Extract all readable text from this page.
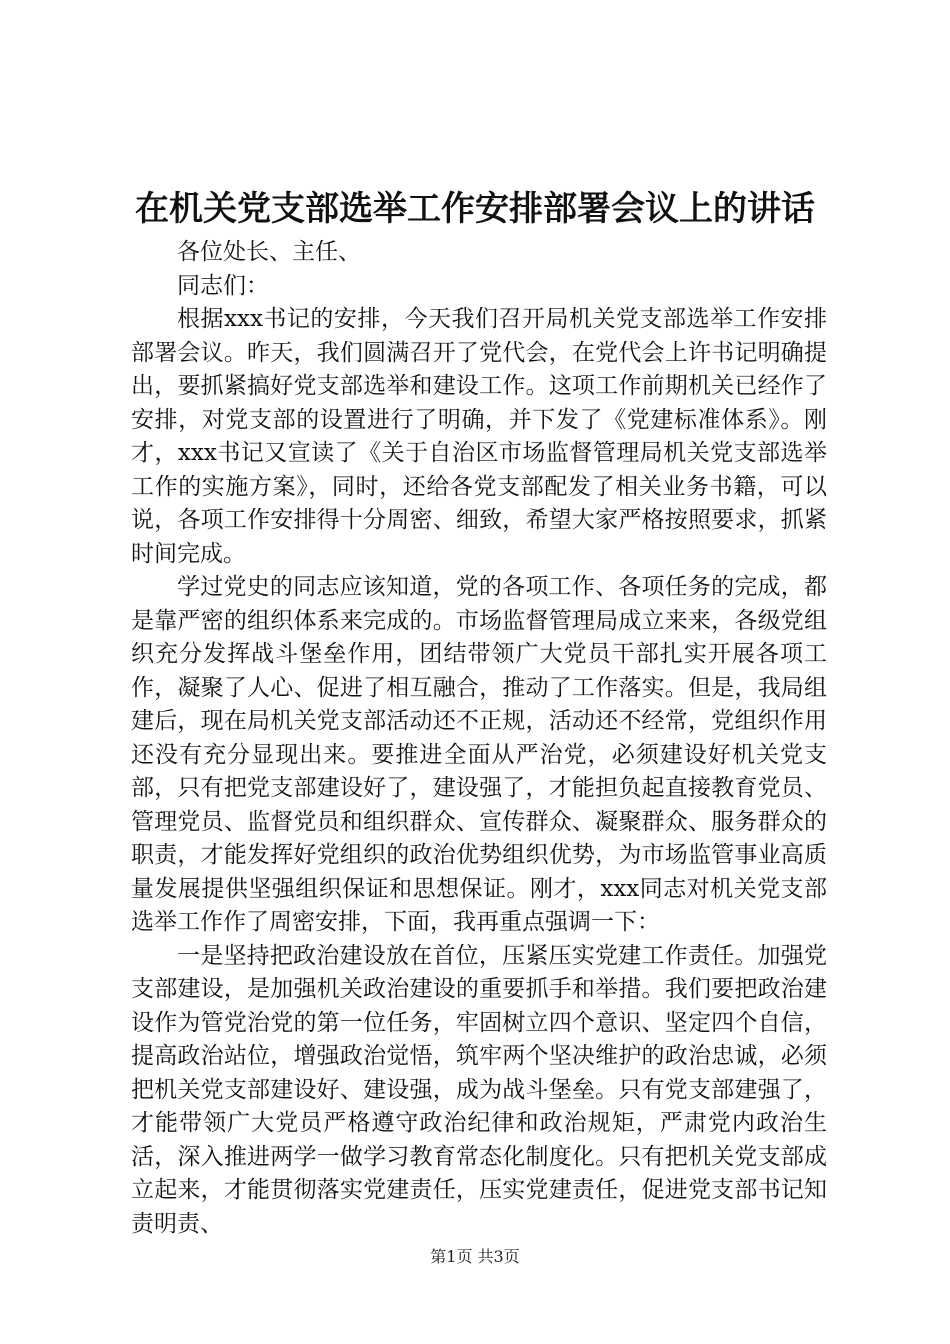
在机关党支部选举工作安排部署会议上的讲话

各位处长、主任、

同志们：

根据xxx书记的安排，今天我们召开局机关党支部选举工作安排部署会议。昨天，我们圆满召开了党代会，在党代会上许书记明确提出，要抓紧搞好党支部选举和建设工作。这项工作前期机关已经作了安排，对党支部的设置进行了明确，并下发了《党建标准体系》。刚才，xxx书记又宣读了《关于自治区市场监督管理局机关党支部选举工作的实施方案》，同时，还给各党支部配发了相关业务书籍，可以说，各项工作安排得十分周密、细致，希望大家严格按照要求，抓紧时间完成。

学过党史的同志应该知道，党的各项工作、各项任务的完成，都是靠严密的组织体系来完成的。市场监督管理局成立来来，各级党组织充分发挥战斗堡垒作用，团结带领广大党员干部扎实开展各项工作，凝聚了人心、促进了相互融合，推动了工作落实。但是，我局组建后，现在局机关党支部活动还不正规，活动还不经常，党组织作用还没有充分显现出来。要推进全面从严治党，必须建设好机关党支部，只有把党支部建设好了，建设强了，才能担负起直接教育党员、管理党员、监督党员和组织群众、宣传群众、凝聚群众、服务群众的职责，才能发挥好党组织的政治优势组织优势，为市场监管事业高质量发展提供坚强组织保证和思想保证。刚才，xxx同志对机关党支部选举工作作了周密安排，下面，我再重点强调一下：

一是坚持把政治建设放在首位，压紧压实党建工作责任。加强党支部建设，是加强机关政治建设的重要抓手和举措。我们要把政治建设作为管党治党的第一位任务，牢固树立四个意识、坚定四个自信，提高政治站位，增强政治觉悟，筑牢两个坚决维护的政治忠诚，必须把机关党支部建设好、建设强，成为战斗堡垒。只有党支部建强了，才能带领广大党员严格遵守政治纪律和政治规矩，严肃党内政治生活，深入推进两学一做学习教育常态化制度化。只有把机关党支部成立起来，才能贯彻落实党建责任，压实党建责任，促进党支部书记知责明责、

第1页 共3页
